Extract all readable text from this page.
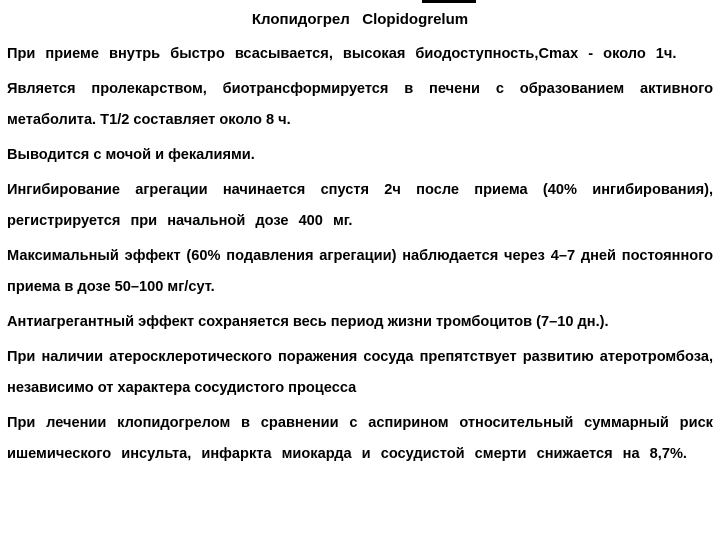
Клопидогрел   Clopidogrelum

При приеме внутрь быстро всасывается, высокая биодоступность,Cmax - около 1ч.

Является пролекарством, биотрансформируется в печени с образованием активного метаболита. T1/2 составляет около 8 ч.

Выводится с мочой и фекалиями.

Ингибирование агрегации начинается спустя 2ч после приема (40% ингибирования), регистрируется при начальной дозе 400 мг.

Максимальный эффект (60% подавления агрегации) наблюдается через 4–7 дней постоянного приема в дозе 50–100 мг/сут.

Антиагрегантный эффект сохраняется весь период жизни тромбоцитов (7–10 дн.).

При наличии атеросклеротического поражения сосуда препятствует развитию атеротромбоза, независимо от характера сосудистого процесса

При лечении клопидогрелом в сравнении с аспирином относительный суммарный риск ишемического инсульта, инфаркта миокарда и сосудистой смерти снижается на 8,7%.
